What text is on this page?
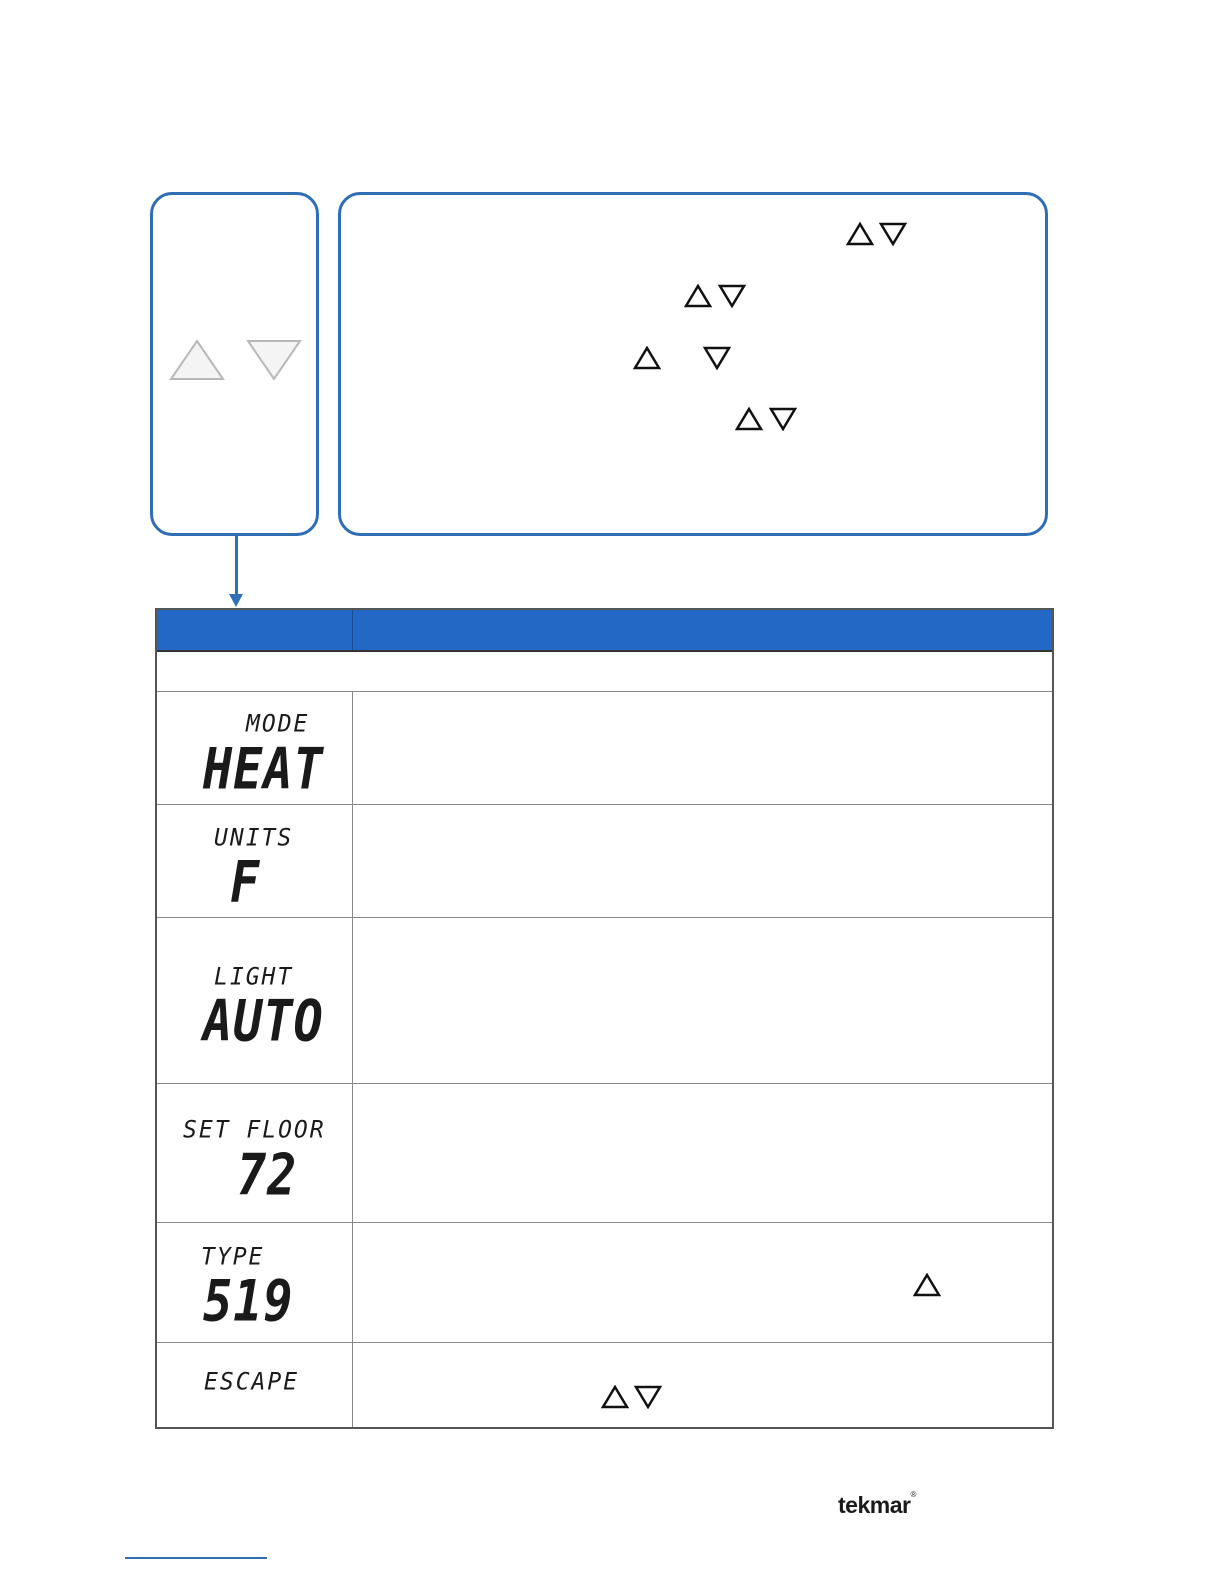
MODE
HEAT
UNITS
F
LIGHT
AUTO
SET FLOOR
72
TYPE
519
ESCAPE
tekmar®
